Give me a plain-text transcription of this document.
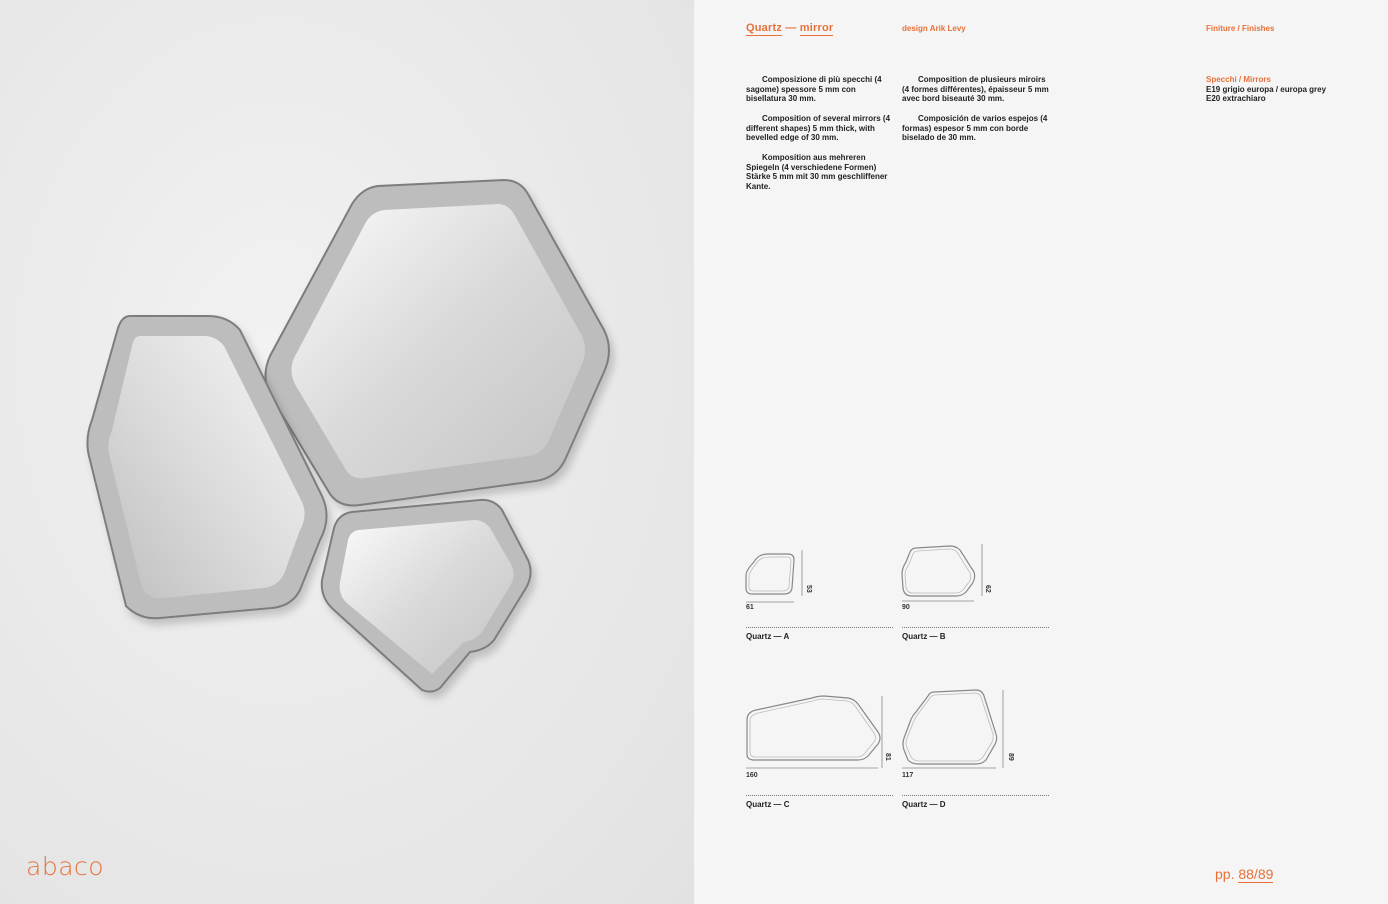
abaco
Quartz — mirror	design Arik Levy	Finiture / Finishes
Composizione di più specchi (4 sagome) spessore 5 mm con bisellatura 30 mm.
Composition of several mirrors (4 different shapes) 5 mm thick, with bevelled edge of 30 mm.
Komposition aus mehreren Spiegeln (4 verschiedene Formen) Stärke 5 mm mit 30 mm geschliffener Kante.
Composition de plusieurs miroirs (4 formes différentes), épaisseur 5 mm avec bord biseauté 30 mm.
Composición de varios espejos (4 formas) espesor 5 mm con borde biselado de 30 mm.
Specchi / Mirrors
E19 grigio europa / europa grey
E20 extrachiaro
61
53
Quartz — A
90
62
Quartz — B
160
81
Quartz — C
117
89
Quartz — D
pp. 88/89
